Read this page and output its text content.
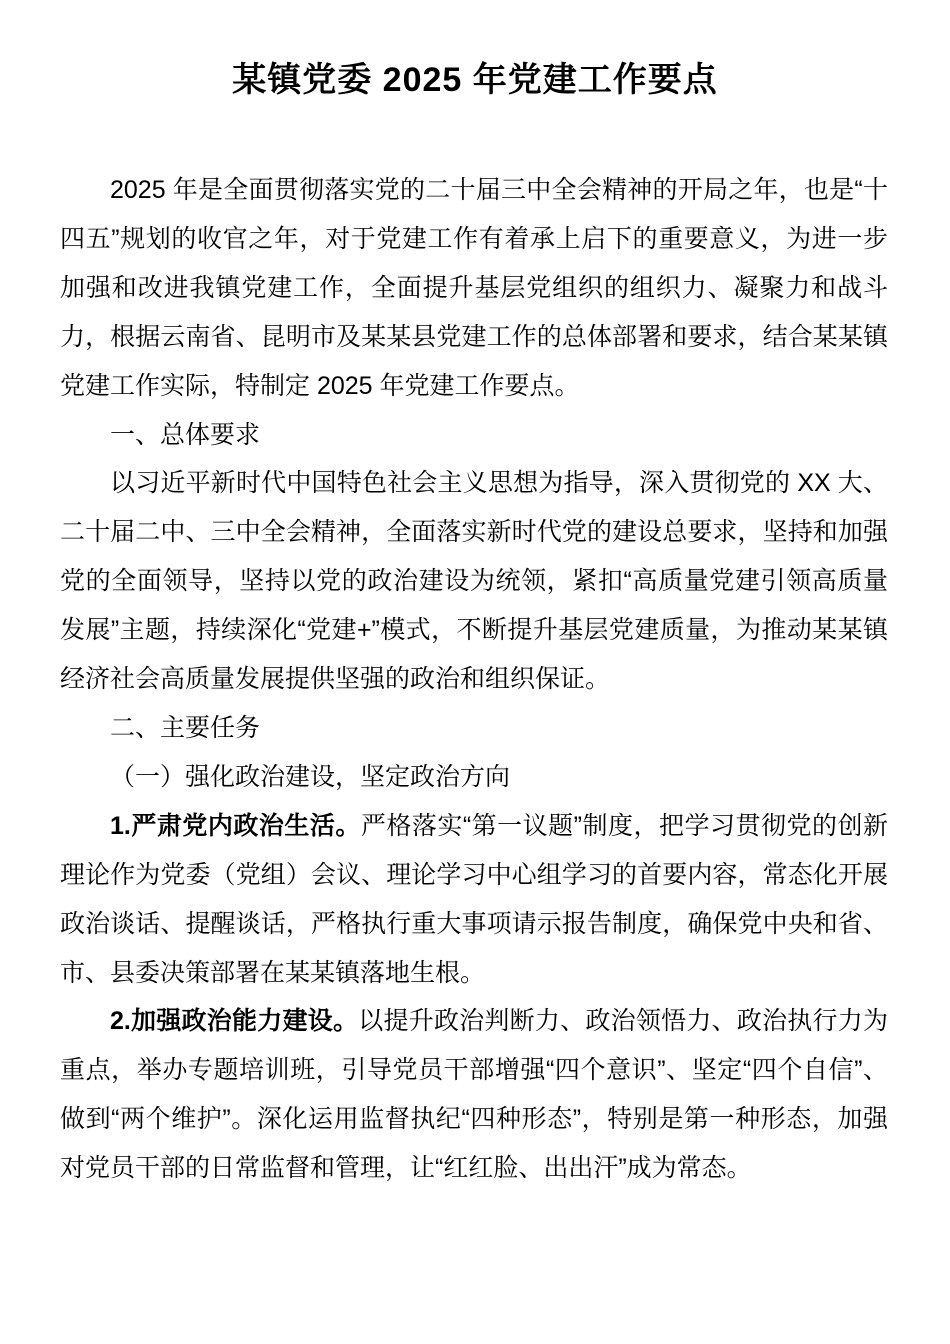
某镇党委 2025 年党建工作要点

2025 年是全面贯彻落实党的二十届三中全会精神的开局之年，也是“十四五”规划的收官之年，对于党建工作有着承上启下的重要意义，为进一步加强和改进我镇党建工作，全面提升基层党组织的组织力、凝聚力和战斗力，根据云南省、昆明市及某某县党建工作的总体部署和要求，结合某某镇党建工作实际，特制定 2025 年党建工作要点。

一、总体要求

以习近平新时代中国特色社会主义思想为指导，深入贯彻党的 XX 大、二十届二中、三中全会精神，全面落实新时代党的建设总要求，坚持和加强党的全面领导，坚持以党的政治建设为统领，紧扣“高质量党建引领高质量发展”主题，持续深化“党建+”模式，不断提升基层党建质量，为推动某某镇经济社会高质量发展提供坚强的政治和组织保证。

二、主要任务

（一）强化政治建设，坚定政治方向

1.严肃党内政治生活。严格落实“第一议题”制度，把学习贯彻党的创新理论作为党委（党组）会议、理论学习中心组学习的首要内容，常态化开展政治谈话、提醒谈话，严格执行重大事项请示报告制度，确保党中央和省、市、县委决策部署在某某镇落地生根。

2.加强政治能力建设。以提升政治判断力、政治领悟力、政治执行力为重点，举办专题培训班，引导党员干部增强“四个意识”、坚定“四个自信”、做到“两个维护”。深化运用监督执纪“四种形态”，特别是第一种形态，加强对党员干部的日常监督和管理，让“红红脸、出出汗”成为常态。
